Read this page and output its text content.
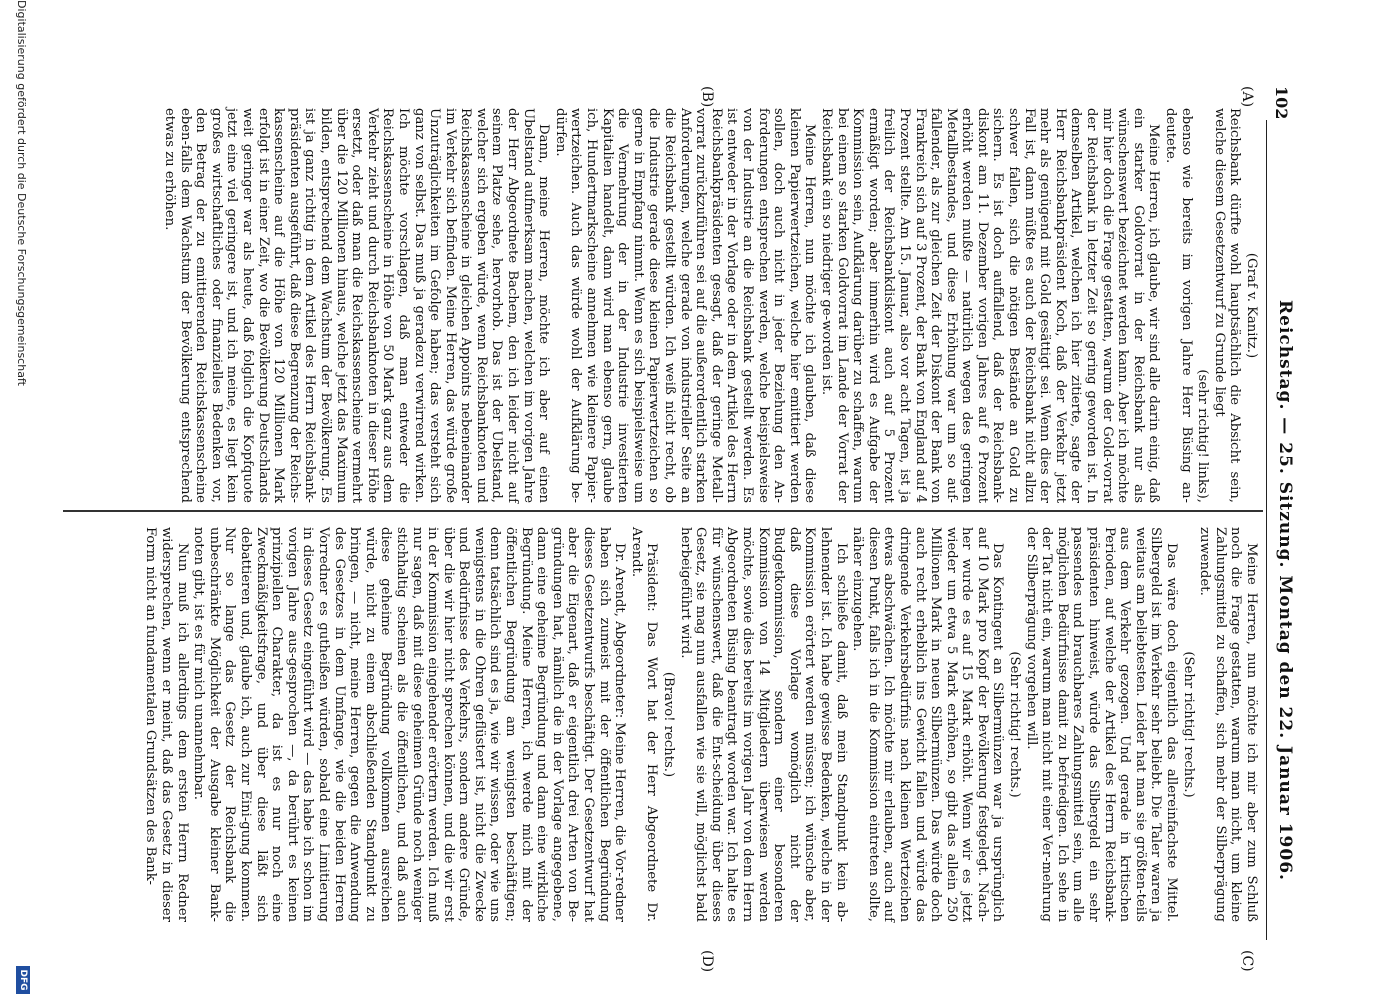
102
Reichstag. — 25. Sitzung. Montag den 22. Januar 1906.
(A)
(B)
(C)
(D)

(Graf v. Kanitz.)

Reichsbank dürfte wohl hauptsächlich die Absicht sein, welche diesem Gesetzentwurf zu Grunde liegt

(sehr richtig! links),

ebenso wie bereits im vorigen Jahre Herr Büsing an-deutete.

Meine Herren, ich glaube, wir sind alle darin einig, daß ein starker Goldvorrat in der Reichsbank nur als wünschenswert bezeichnet werden kann. Aber ich möchte mir hier doch die Frage gestatten, warum der Gold-vorrat der Reichsbank in letzter Zeit so gering geworden ist. In demselben Artikel, welchen ich hier zitierte, sagte der Herr Reichsbankpräsident Koch, daß der Verkehr jetzt mehr als genügend mit Gold gesättigt sei. Wenn dies der Fall ist, dann müßte es auch der Reichsbank nicht allzu schwer fallen, sich die nötigen Bestände an Gold zu sichern. Es ist doch auffallend, daß der Reichsbank-diskont am 11. Dezember vorigen Jahres auf 6 Prozent erhöht werden mußte — natürlich wegen des geringen Metallbestandes, und diese Erhöhung war um so auf-fallender, als zur gleichen Zeit der Diskont der Bank von Frankreich sich auf 3 Prozent, der Bank von England auf 4 Prozent stellte. Am 15. Januar, also vor acht Tagen, ist ja freilich der Reichsbankdiskont auch auf 5 Prozent ermäßigt worden; aber immerhin wird es Aufgabe der Kommission sein, Aufklärung darüber zu schaffen, warum bei einem so starken Goldvorrat im Lande der Vorrat der Reichsbank ein so niedriger ge-worden ist.

Meine Herren, nun möchte ich glauben, daß diese kleinen Papierwertzeichen, welche hier emittiert werden sollen, doch auch nicht in jeder Beziehung den An-forderungen entsprechen werden, welche beispielsweise von der Industrie an die Reichsbank gestellt werden. Es ist entweder in der Vorlage oder in dem Artikel des Herrn Reichsbankpräsidenten gesagt, daß der geringe Metall-vorrat zurückzuführen sei auf die außerordentlich starken Anforderungen, welche gerade von industrieller Seite an die Reichsbank gestellt würden. Ich weiß nicht recht, ob die Industrie gerade diese kleinen Papierwertzeichen so gerne in Empfang nimmt. Wenn es sich beispielsweise um die Vermehrung der in der Industrie investierten Kapitalien handelt, dann wird man ebenso gern, glaube ich, Hundertmarkscheine annehmen wie kleinere Papier-wertzeichen. Auch das würde wohl der Aufklärung be-dürfen.

Dann, meine Herren, möchte ich aber auf einen Ubelstand aufmerksam machen, welchen im vorigen Jahre der Herr Abgeordnete Bachem, den ich leider nicht auf seinem Platze sehe, hervorhob. Das ist der Ubelstand, welcher sich ergeben würde, wenn Reichsbanknoten und Reichskassenscheine in gleichen Appoints nebeneinander im Verkehr sich befinden. Meine Herren, das würde große Unzuträglichkeiten im Gefolge haben; das versteht sich ganz von selbst. Das muß ja geradezu verwirrend wirken. Ich möchte vorschlagen, daß man entweder die Reichskassenscheine in Höhe von 50 Mark ganz aus dem Verkehr zieht und durch Reichsbanknoten in dieser Höhe ersetzt, oder daß man die Reichskassenscheine vermehrt über die 120 Millionen hinaus, welche jetzt das Maximum bilden, entsprechend dem Wachstum der Bevölkerung. Es ist ja ganz richtig in dem Artikel des Herrn Reichsbank-präsidenten ausgeführt, daß diese Begrenzung der Reichs-kassenscheine auf die Höhe von 120 Millionen Mark erfolgt ist in einer Zeit, wo die Bevölkerung Deutschlands weit geringer war als heute, daß folglich die Kopfquote jetzt eine viel geringere ist, und ich meine, es liegt kein großes wirtschaftliches oder finanzielles Bedenken vor, den Betrag der zu emittierenden Reichskassenscheine eben-falls dem Wachstum der Bevölkerung entsprechend etwas zu erhöhen.

Meine Herren, nun möchte ich mir aber zum Schluß noch die Frage gestatten, warum man nicht, um kleine Zahlungsmittel zu schaffen, sich mehr der Silberprägung zuwendet.

(Sehr richtig! rechts.)

Das wäre doch eigentlich das allereinfachste Mittel. Silbergeld ist im Verkehr sehr beliebt. Die Taler waren ja weitaus am beliebtesten. Leider hat man sie größten-teils aus dem Verkehr gezogen. Und gerade in kritischen Perioden, auf welche der Artikel des Herrn Reichsbank-präsidenten hinweist, würde das Silbergeld ein sehr passendes und brauchbares Zahlungsmittel sein, um alle möglichen Bedürfnisse damit zu befriedigen. Ich sehe in der Tat nicht ein, warum man nicht mit einer Ver-mehrung der Silberprägung vorgehen will.

(Sehr richtig! rechts.)

Das Kontingent an Silbermünzen war ja ursprünglich auf 10 Mark pro Kopf der Bevölkerung festgelegt. Nach-her wurde es auf 15 Mark erhöht. Wenn wir es jetzt wieder um etwa 5 Mark erhöhen, so gibt das allein 250 Millionen Mark in neuen Silbermünzen. Das würde doch auch recht erheblich ins Gewicht fallen und würde das dringende Verkehrsbedürfnis nach kleinen Wertzeichen etwas abschwächen. Ich möchte mir erlauben, auch auf diesen Punkt, falls ich in die Kommission eintreten sollte, näher einzugehen.

Ich schließe damit, daß mein Standpunkt kein ab-lehnender ist. Ich habe gewisse Bedenken, welche in der Kommission erörtert werden müssen; ich wünsche aber, daß diese Vorlage womöglich nicht der Budgetkommission, sondern einer besonderen Kommission von 14 Mitgliedern überwiesen werden möchte, sowie dies bereits im vorigen Jahr von dem Herrn Abgeordneten Büsing beantragt worden war. Ich halte es für wünschenswert, daß die Ent-scheidung über dieses Gesetz, sie mag nun ausfallen wie sie will, möglichst bald herbeigeführt wird.

(Bravo! rechts.)

Präsident: Das Wort hat der Herr Abgeordnete Dr. Arendt.

Dr. Arendt, Abgeordneter: Meine Herren, die Vor-redner haben sich zumeist mit der öffentlichen Begründung dieses Gesetzentwurfs beschäftigt. Der Gesetzentwurf hat aber die Eigenart, daß er eigentlich drei Arten von Be-gründungen hat, nämlich die in der Vorlage angegebene, dann eine geheime Begründung und dann eine wirkliche Begründung. Meine Herren, ich werde mich mit der öffentlichen Begründung am wenigsten beschäftigen; denn tatsächlich sind es ja, wie wir wissen, oder wie uns wenigstens in die Ohren geflüstert ist, nicht die Zwecke und Bedürfnisse des Verkehrs, sondern andere Gründe, über die wir hier nicht sprechen können, und die wir erst in der Kommission eingehender erörtern werden. Ich muß nur sagen, daß mit diese geheimen Gründe noch weniger stichhaltig scheinen als die öffentlichen, und daß auch diese geheime Begründung vollkommen ausreichen würde, nicht zu einem abschließenden Standpunkt zu bringen, — nicht, meine Herren, gegen die Anwendung des Gesetzes in dem Umfange, wie die beiden Herren Vorredner es gutheißen würden, sobald eine Limitierung in dieses Gesetz eingeführt wird — das habe ich schon im vorigen Jahre aus-gesprochen —, da berührt es keinen prinzipiellen Charakter, da ist es nur noch eine Zweckmäßigkeitsfrage, und über diese läßt sich debattieren und, glaube ich, auch zur Eini-gung kommen. Nur so lange das Gesetz der Reichsbank die unbeschränkte Möglichkeit der Ausgabe kleiner Bank-noten gibt, ist es für mich unannehmbar.

Nun muß ich allerdings dem ersten Herrn Redner widersprechen, wenn er meint, daß das Gesetz in dieser Form nicht an fundamentalen Grundsätzen des Bank-

Digitalisierung gefördert durch die Deutsche Forschungsgemeinschaft
DFG
